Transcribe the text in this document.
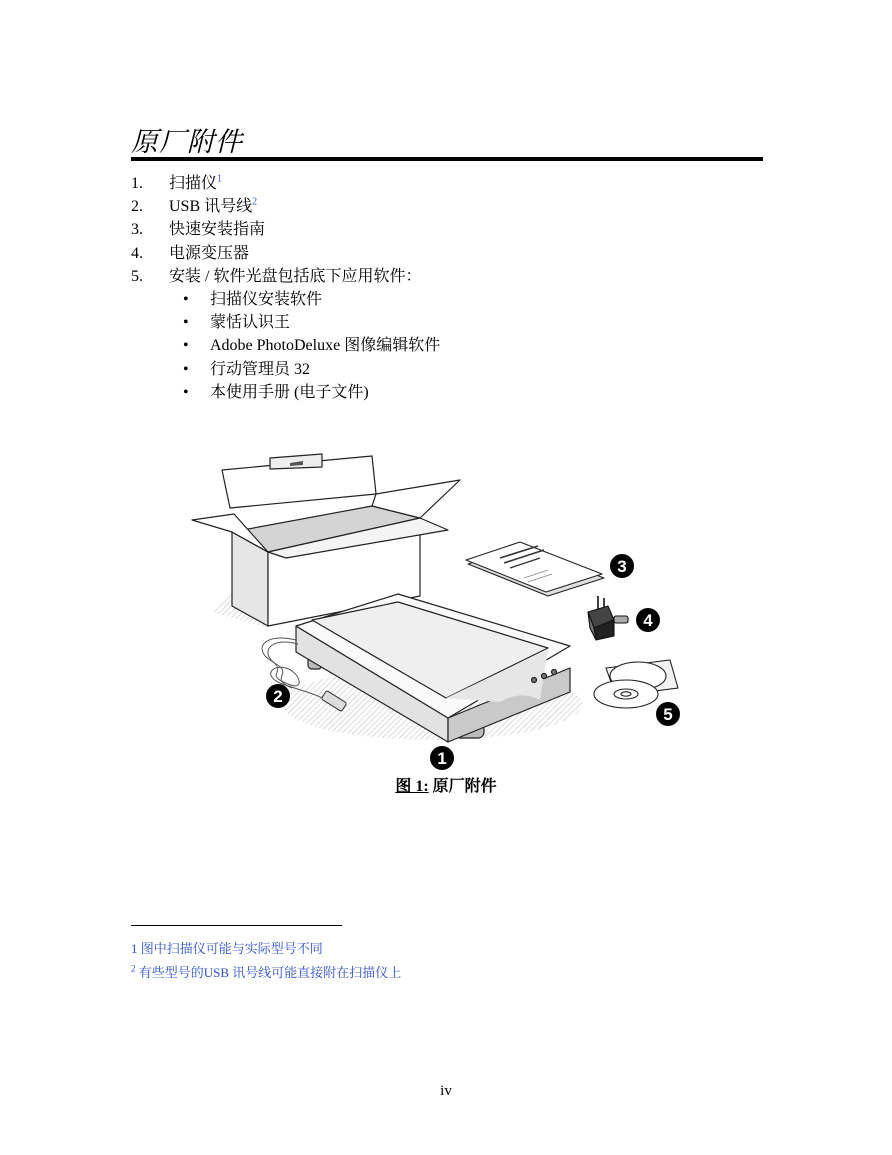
原厂附件
1. 扫描仪$^1$
2. USB 讯号线$^2$
3. 快速安装指南
4. 电源变压器
5. 安装 / 软件光盘包括底下应用软件：
• 扫描仪安装软件
• 蒙恬认识王
• Adobe PhotoDeluxe 图像编辑软件
• 行动管理员 32
• 本使用手册 (电子文件)
1
2
3
4
5
图 1: 原厂附件
1 图中扫描仪可能与实际型号不同
$^2$ 有些型号的USB 讯号线可能直接附在扫描仪上
iv
